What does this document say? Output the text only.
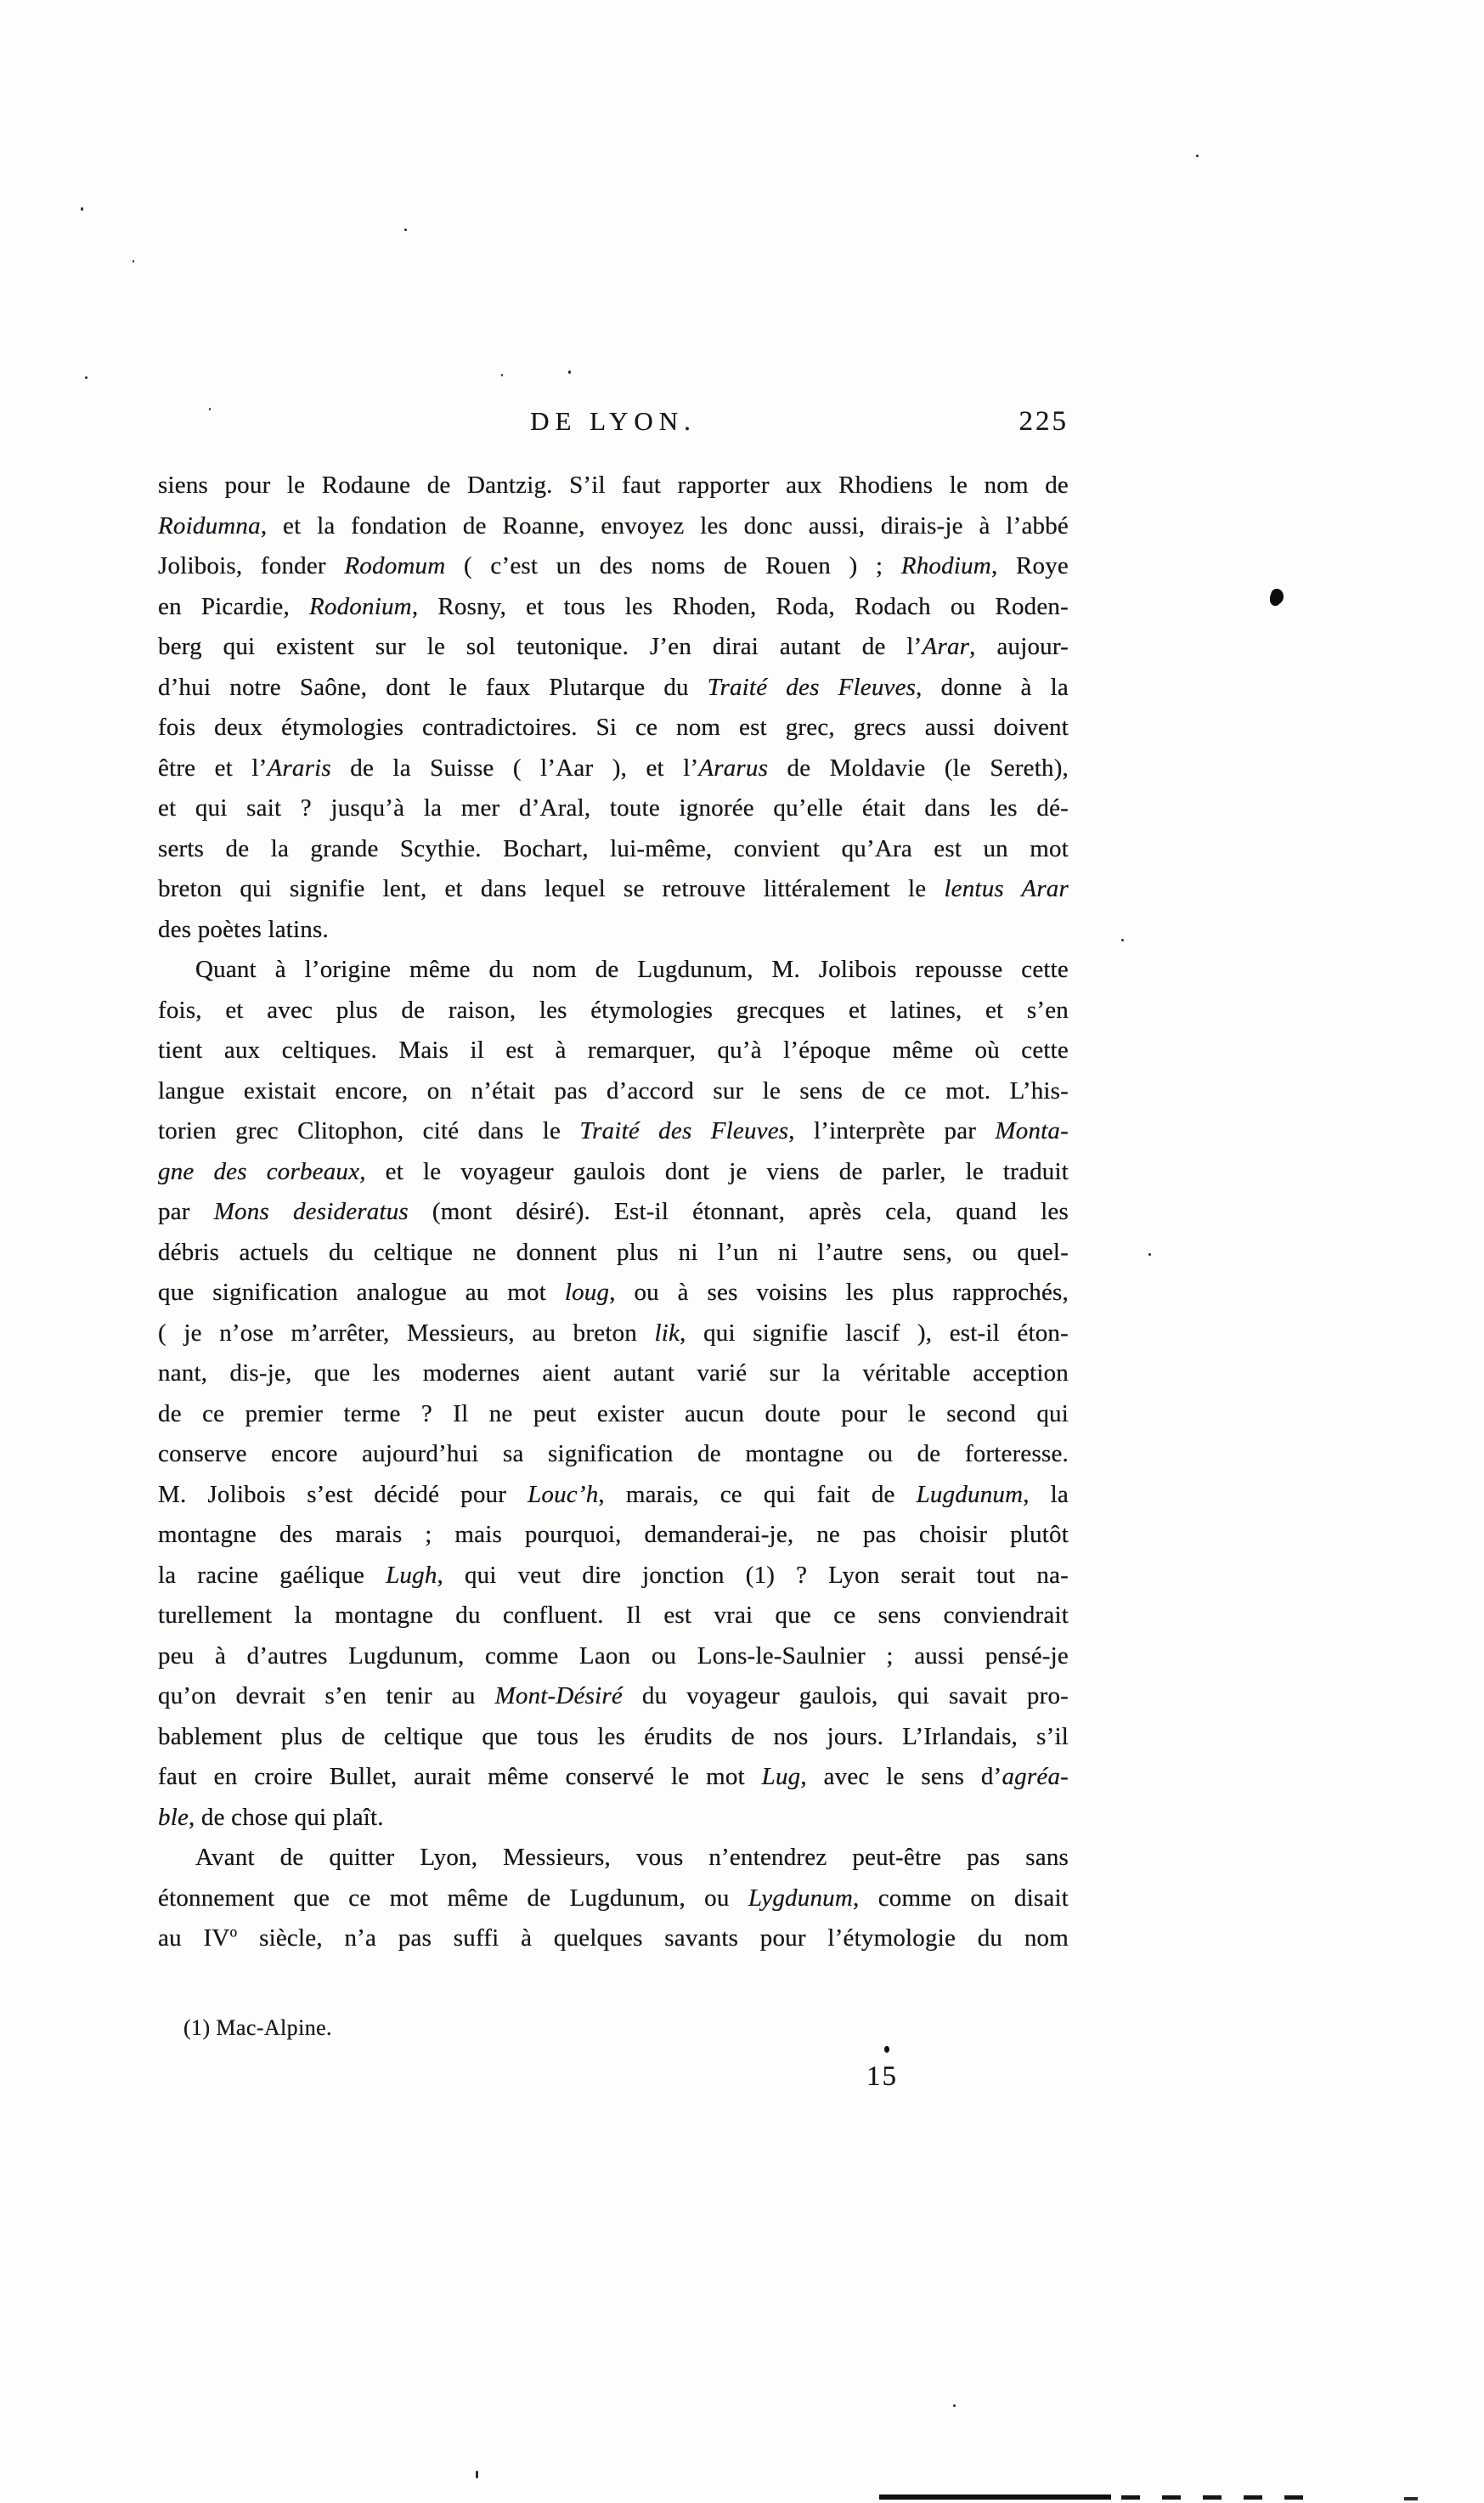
DE LYON.	225
siens pour le Rodaune de Dantzig. S’il faut rapporter aux Rhodiens le nom de
Roidumna, et la fondation de Roanne, envoyez les donc aussi, dirais-je à l’abbé
Jolibois, fonder Rodomum ( c’est un des noms de Rouen ) ; Rhodium, Roye
en Picardie, Rodonium, Rosny, et tous les Rhoden, Roda, Rodach ou Roden-
berg qui existent sur le sol teutonique. J’en dirai autant de l’Arar, aujour-
d’hui notre Saône, dont le faux Plutarque du Traité des Fleuves, donne à la
fois deux étymologies contradictoires. Si ce nom est grec, grecs aussi doivent
être et l’Araris de la Suisse ( l’Aar ), et l’Ararus de Moldavie (le Sereth),
et qui sait ? jusqu’à la mer d’Aral, toute ignorée qu’elle était dans les dé-
serts de la grande Scythie. Bochart, lui-même, convient qu’Ara est un mot
breton qui signifie lent, et dans lequel se retrouve littéralement le lentus Arar
des poètes latins.
Quant à l’origine même du nom de Lugdunum, M. Jolibois repousse cette
fois, et avec plus de raison, les étymologies grecques et latines, et s’en
tient aux celtiques. Mais il est à remarquer, qu’à l’époque même où cette
langue existait encore, on n’était pas d’accord sur le sens de ce mot. L’his-
torien grec Clitophon, cité dans le Traité des Fleuves, l’interprète par Monta-
gne des corbeaux, et le voyageur gaulois dont je viens de parler, le traduit
par Mons desideratus (mont désiré). Est-il étonnant, après cela, quand les
débris actuels du celtique ne donnent plus ni l’un ni l’autre sens, ou quel-
que signification analogue au mot loug, ou à ses voisins les plus rapprochés,
( je n’ose m’arrêter, Messieurs, au breton lik, qui signifie lascif ), est-il éton-
nant, dis-je, que les modernes aient autant varié sur la véritable acception
de ce premier terme ? Il ne peut exister aucun doute pour le second qui
conserve encore aujourd’hui sa signification de montagne ou de forteresse.
M. Jolibois s’est décidé pour Louc’h, marais, ce qui fait de Lugdunum, la
montagne des marais ; mais pourquoi, demanderai-je, ne pas choisir plutôt
la racine gaélique Lugh, qui veut dire jonction (1) ? Lyon serait tout na-
turellement la montagne du confluent. Il est vrai que ce sens conviendrait
peu à d’autres Lugdunum, comme Laon ou Lons-le-Saulnier ; aussi pensé-je
qu’on devrait s’en tenir au Mont-Désiré du voyageur gaulois, qui savait pro-
bablement plus de celtique que tous les érudits de nos jours. L’Irlandais, s’il
faut en croire Bullet, aurait même conservé le mot Lug, avec le sens d’agréa-
ble, de chose qui plaît.
Avant de quitter Lyon, Messieurs, vous n’entendrez peut-être pas sans
étonnement que ce mot même de Lugdunum, ou Lygdunum, comme on disait
au $IV^o$ siècle, n’a pas suffi à quelques savants pour l’étymologie du nom
(1) Mac-Alpine.
15
